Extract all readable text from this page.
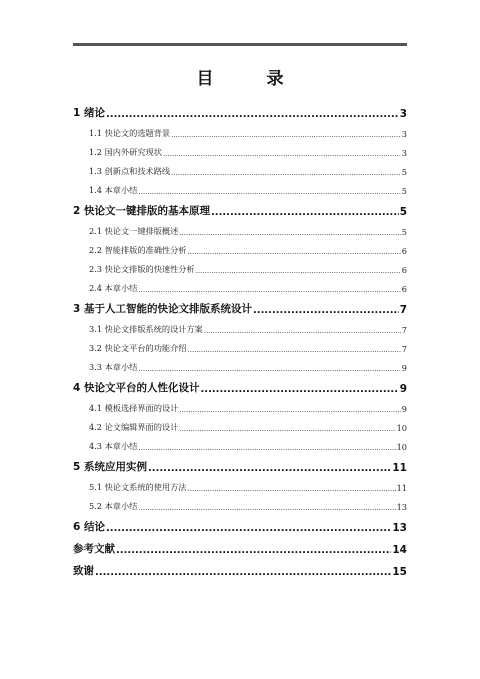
目　录
1 绪论 .....	3
1.1 快论文的选题背景 .....	3
1.2 国内外研究现状 .....	3
1.3 创新点和技术路线 .....	5
1.4 本章小结 .....	5
2 快论文一键排版的基本原理 .....	5
2.1 快论文一键排版概述 .....	5
2.2 智能排版的准确性分析 .....	6
2.3 快论文排版的快速性分析 .....	6
2.4 本章小结 .....	6
3 基于人工智能的快论文排版系统设计 .....	7
3.1 快论文排版系统的设计方案 .....	7
3.2 快论文平台的功能介绍 .....	7
3.3 本章小结 .....	9
4 快论文平台的人性化设计 .....	9
4.1 模板选择界面的设计 .....	9
4.2 论文编辑界面的设计 .....	10
4.3 本章小结 .....	10
5 系统应用实例 .....	11
5.1 快论文系统的使用方法 .....	11
5.2 本章小结 .....	13
6 结论 .....	13
参考文献 .....	14
致谢 .....	15
